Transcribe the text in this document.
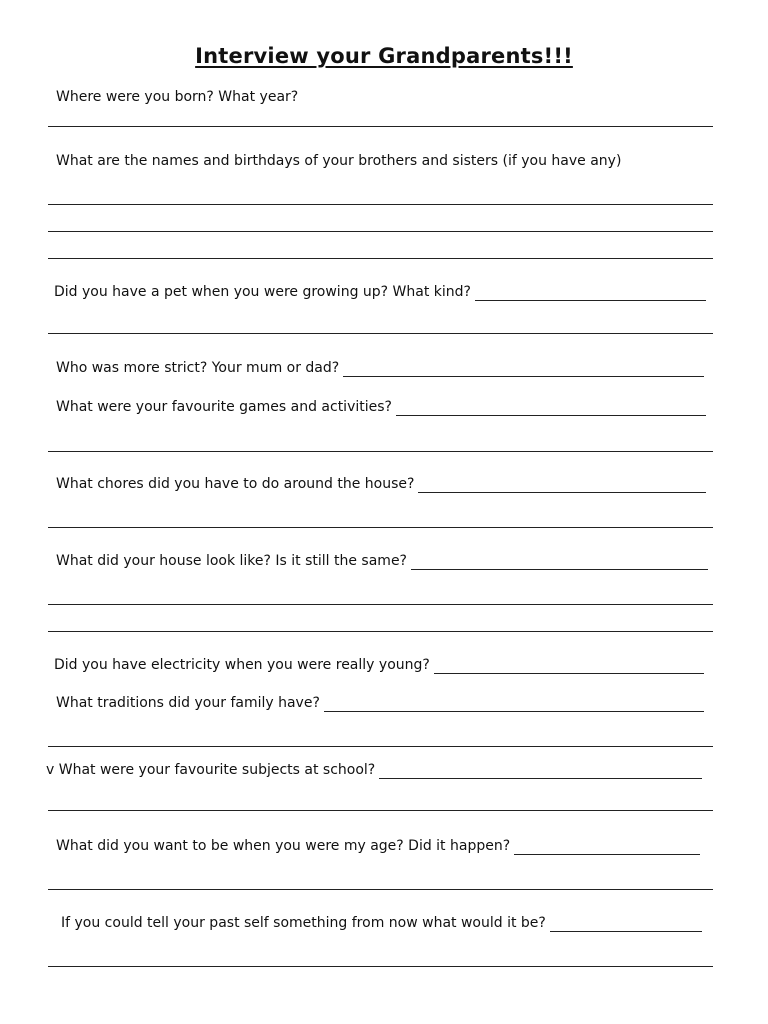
Interview your Grandparents!!!
Where were you born? What year?
What are the names and birthdays of your brothers and sisters (if you have any)
Did you have a pet when you were growing up? What kind?
Who was more strict? Your mum or dad?
What were your favourite games and activities?
What chores did you have to do around the house?
What did your house look like? Is it still the same?
Did you have electricity when you were really young?
What traditions did your family have?
v What were your favourite subjects at school?
What did you want to be when you were my age? Did it happen?
If you could tell your past self something from now what would it be?
